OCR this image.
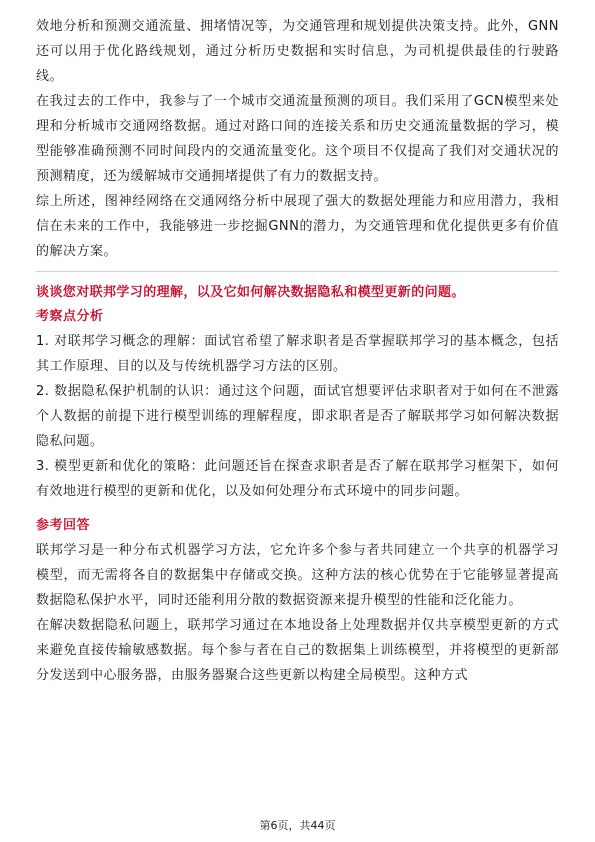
效地分析和预测交通流量、拥堵情况等，为交通管理和规划提供决策支持。此外，GNN还可以用于优化路线规划，通过分析历史数据和实时信息，为司机提供最佳的行驶路线。

在我过去的工作中，我参与了一个城市交通流量预测的项目。我们采用了GCN模型来处理和分析城市交通网络数据。通过对路口间的连接关系和历史交通流量数据的学习，模型能够准确预测不同时间段内的交通流量变化。这个项目不仅提高了我们对交通状况的预测精度，还为缓解城市交通拥堵提供了有力的数据支持。

综上所述，图神经网络在交通网络分析中展现了强大的数据处理能力和应用潜力，我相信在未来的工作中，我能够进一步挖掘GNN的潜力，为交通管理和优化提供更多有价值的解决方案。

谈谈您对联邦学习的理解，以及它如何解决数据隐私和模型更新的问题。

考察点分析

1. 对联邦学习概念的理解：面试官希望了解求职者是否掌握联邦学习的基本概念，包括其工作原理、目的以及与传统机器学习方法的区别。

2. 数据隐私保护机制的认识：通过这个问题，面试官想要评估求职者对于如何在不泄露个人数据的前提下进行模型训练的理解程度，即求职者是否了解联邦学习如何解决数据隐私问题。

3. 模型更新和优化的策略：此问题还旨在探查求职者是否了解在联邦学习框架下，如何有效地进行模型的更新和优化，以及如何处理分布式环境中的同步问题。

参考回答

联邦学习是一种分布式机器学习方法，它允许多个参与者共同建立一个共享的机器学习模型，而无需将各自的数据集中存储或交换。这种方法的核心优势在于它能够显著提高数据隐私保护水平，同时还能利用分散的数据资源来提升模型的性能和泛化能力。

在解决数据隐私问题上，联邦学习通过在本地设备上处理数据并仅共享模型更新的方式来避免直接传输敏感数据。每个参与者在自己的数据集上训练模型，并将模型的更新部分发送到中心服务器，由服务器聚合这些更新以构建全局模型。这种方式

第6页，共44页
